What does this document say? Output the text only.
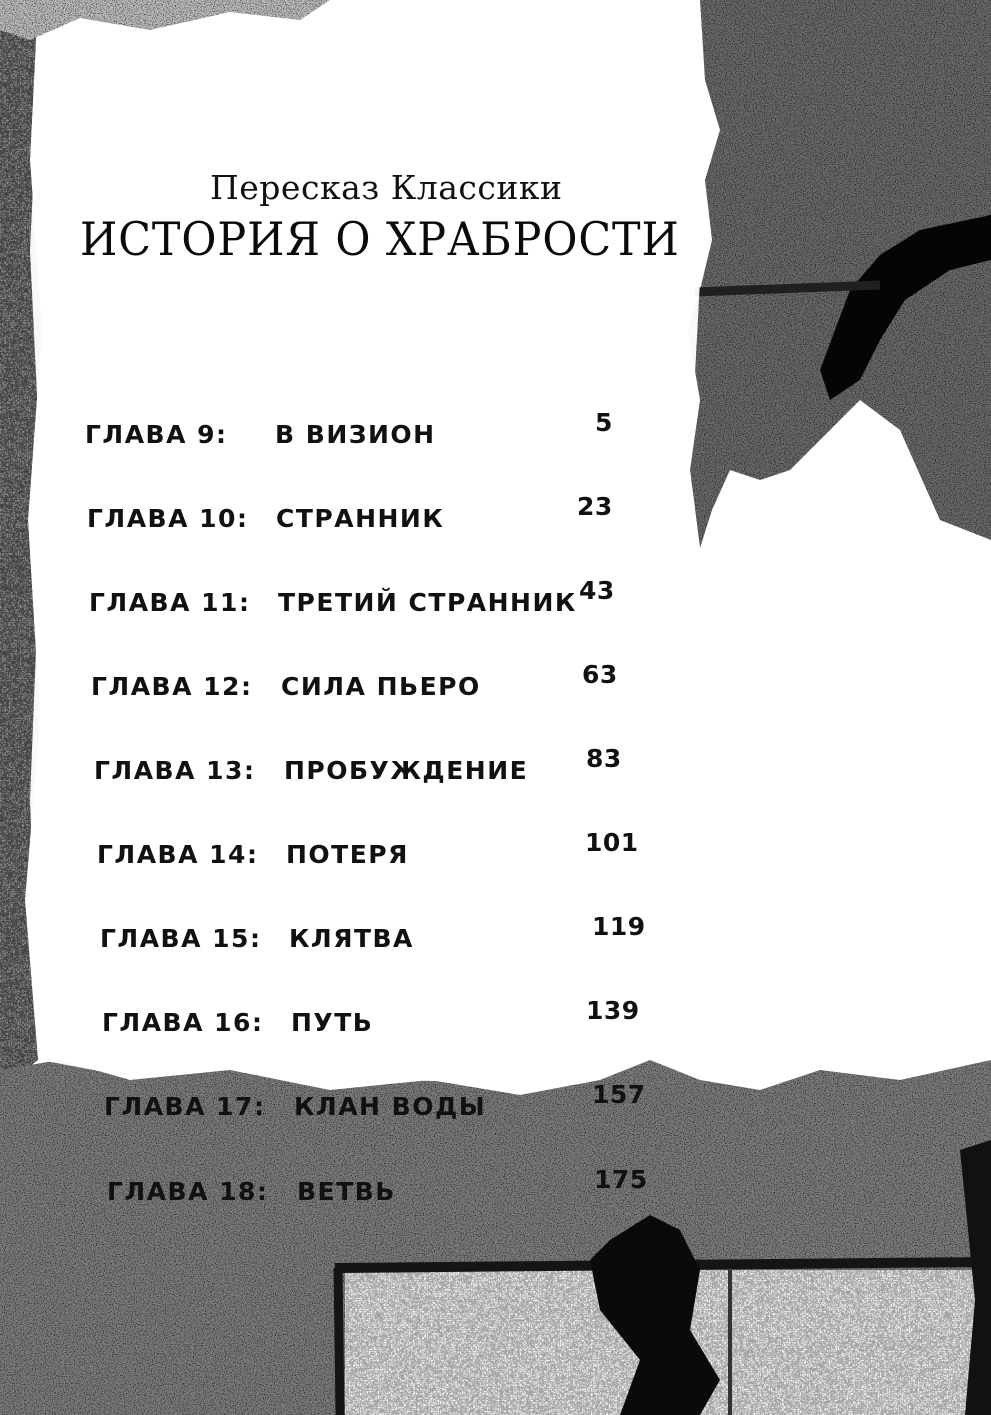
Пересказ Классики
ИСТОРИЯ О ХРАБРОСТИ
ГЛАВА 9: В ВИЗИОН	5
ГЛАВА 10: СТРАННИК	23
ГЛАВА 11: ТРЕТИЙ СТРАННИК 43
ГЛАВА 12: СИЛА ПЬЕРО	63
ГЛАВА 13: ПРОБУЖДЕНИЕ 83
ГЛАВА 14: ПОТЕРЯ	101
ГЛАВА 15: КЛЯТВА	119
ГЛАВА 16: ПУТЬ	139
ГЛАВА 17: КЛАН ВОДЫ	157
ГЛАВА 18: ВЕТВЬ	175
